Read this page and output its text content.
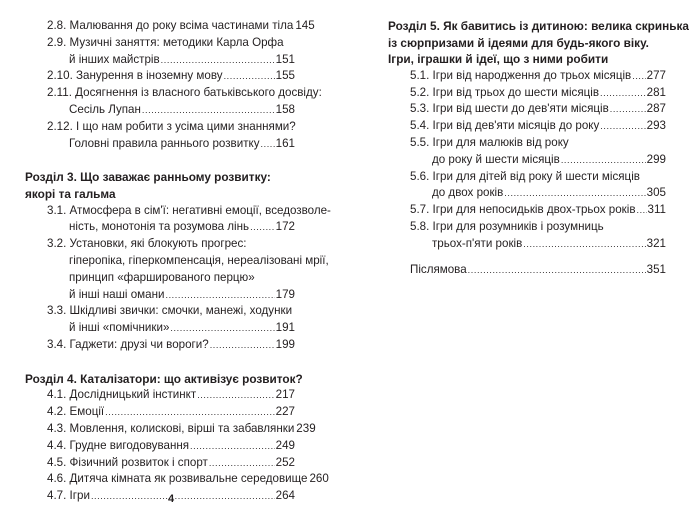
2.8. Малювання до року всіма частинами тіла 145
2.9. Музичні заняття: методики Карла Орфа
й інших майстрів .....	151
2.10. Занурення в іноземну мову .....	155
2.11. Досягнення із власного батьківського досвіду:
Сесіль Лупан .....	158
2.12. І що нам робити з усіма цими знаннями?
Головні правила раннього розвитку ..... 161
Розділ 3. Що заважає ранньому розвитку:
якорі та гальма
3.1. Атмосфера в сім'ї: негативні емоції, вседозволе-
ність, монотонія та розумова лінь ..... 172
3.2. Установки, які блокують прогрес:
гіперопіка, гіперкомпенсація, нереалізовані мрії,
принцип «фаршированого перцю»
й інші наші омани .....	179
3.3. Шкідливі звички: смочки, манежі, ходунки
й інші «помічники» .....	191
3.4. Гаджети: друзі чи вороги? .....	199
Розділ 4. Каталізатори: що активізує розвиток?
4.1. Дослідницький інстинкт .....	217
4.2. Емоції .....	227
4.3. Мовлення, колискові, вірші та забавлянки 239
4.4. Грудне вигодовування .....	249
4.5. Фізичний розвиток і спорт .....	252
4.6. Дитяча кімната як розвивальне середовище 260
4.7. Ігри .....	264
Розділ 5. Як бавитись із дитиною: велика скринька
із сюрпризами й ідеями для будь-якого віку.
Ігри, іграшки й ідеї, що з ними робити
5.1. Ігри від народження до трьох місяців ..... 277
5.2. Ігри від трьох до шести місяців .....	281
5.3. Ігри від шести до дев'яти місяців .....	287
5.4. Ігри від дев'яти місяців до року .....	293
5.5. Ігри для малюків від року
до року й шести місяців .....	299
5.6. Ігри для дітей від року й шести місяців
до двох років .....	305
5.7. Ігри для непосидьків двох-трьох років ..... 311
5.8. Ігри для розумників і розумниць
трьох-п'яти років .....	321
Післямова .....	351
4
